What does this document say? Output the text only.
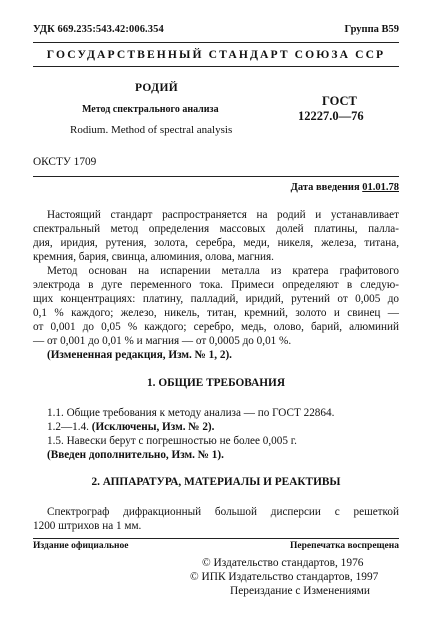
УДК 669.235:543.42:006.354	Группа В59
ГОСУДАРСТВЕННЫЙ СТАНДАРТ СОЮЗА ССР
РОДИЙ
Метод спектрального анализа
Rodium. Method of spectral analysis
ГОСТ
12227.0—76
ОКСТУ 1709
Дата введения 01.01.78
Настоящий стандарт распространяется на родий и устанавливает
спектральный метод определения массовых долей платины, палла-
дия, иридия, рутения, золота, серебра, меди, никеля, железа, титана,
кремния, бария, свинца, алюминия, олова, магния.
Метод основан на испарении металла из кратера графитового
электрода в дуге переменного тока. Примеси определяют в следую-
щих концентрациях: платину, палладий, иридий, рутений от 0,005 до
0,1 % каждого; железо, никель, титан, кремний, золото и свинец —
от 0,001 до 0,05 % каждого; серебро, медь, олово, барий, алюминий
— от 0,001 до 0,01 % и магния — от 0,0005 до 0,01 %.
(Измененная редакция, Изм. № 1, 2).
1. ОБЩИЕ ТРЕБОВАНИЯ
1.1. Общие требования к методу анализа — по ГОСТ 22864.
1.2—1.4. (Исключены, Изм. № 2).
1.5. Навески берут с погрешностью не более 0,005 г.
(Введен дополнительно, Изм. № 1).
2. АППАРАТУРА, МАТЕРИАЛЫ И РЕАКТИВЫ
Спектрограф дифракционный большой дисперсии с решеткой
1200 штрихов на 1 мм.
Издание официальное	Перепечатка воспрещена
© Издательство стандартов, 1976
© ИПК Издательство стандартов, 1997
Переиздание с Изменениями
